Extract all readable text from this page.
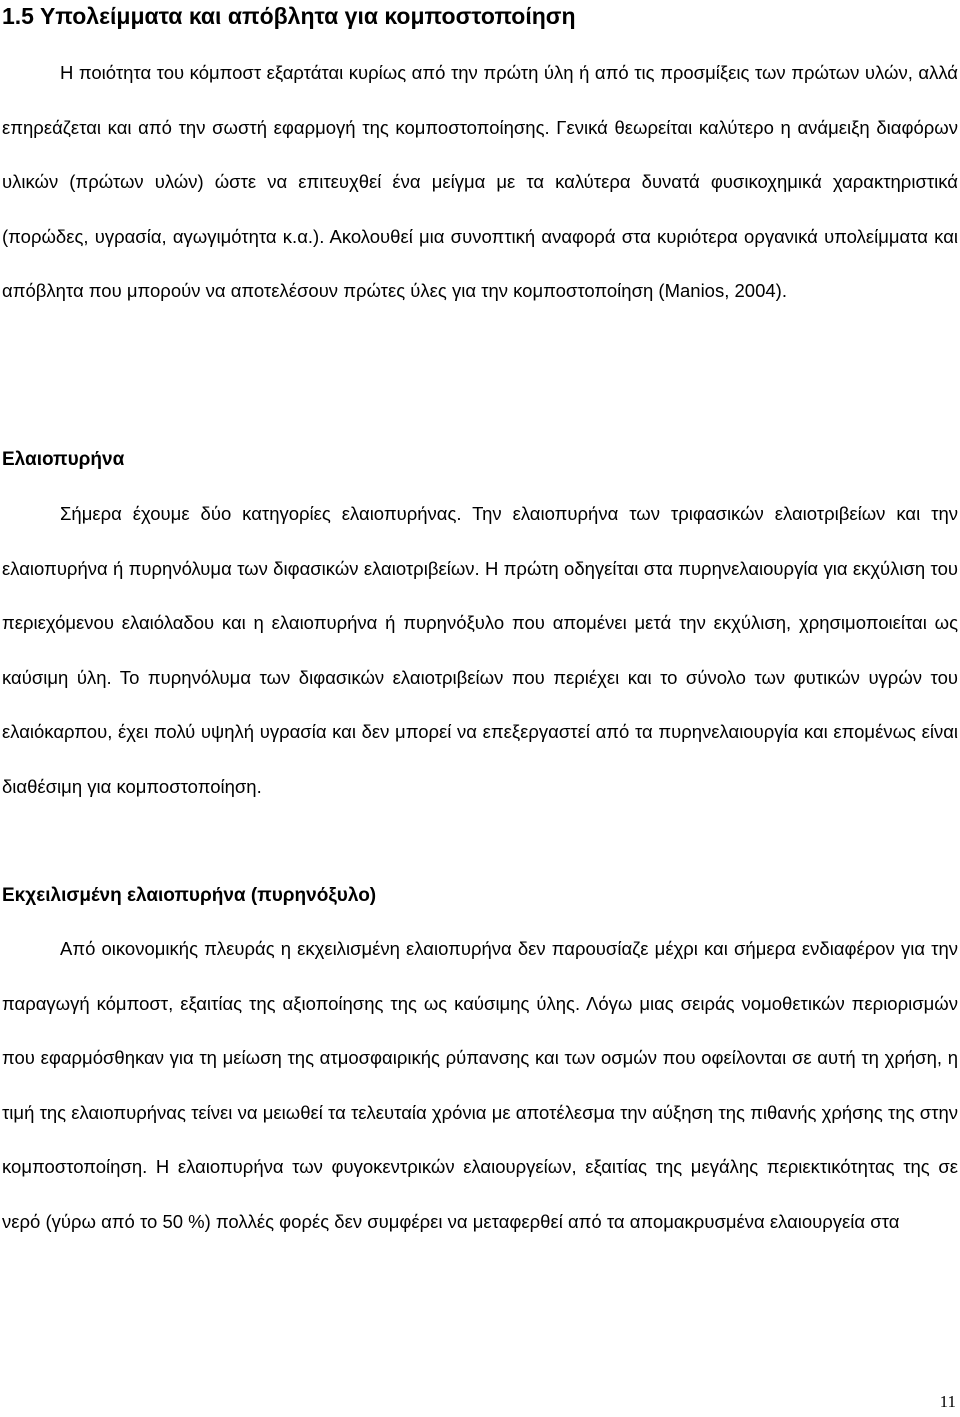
1.5 Υπολείμματα και απόβλητα για κομποστοποίηση

Η ποιότητα του κόμποστ εξαρτάται κυρίως από την πρώτη ύλη ή από τις προσμίξεις των πρώτων υλών, αλλά επηρεάζεται και από την σωστή εφαρμογή της κομποστοποίησης. Γενικά θεωρείται καλύτερο η ανάμειξη διαφόρων υλικών (πρώτων υλών) ώστε να επιτευχθεί ένα μείγμα με τα καλύτερα δυνατά φυσικοχημικά χαρακτηριστικά (πορώδες, υγρασία, αγωγιμότητα κ.α.). Ακολουθεί μια συνοπτική αναφορά στα κυριότερα οργανικά υπολείμματα και απόβλητα που μπορούν να αποτελέσουν πρώτες ύλες για την κομποστοποίηση (Manios, 2004).

Ελαιοπυρήνα

Σήμερα έχουμε δύο κατηγορίες ελαιοπυρήνας. Την ελαιοπυρήνα των τριφασικών ελαιοτριβείων και την ελαιοπυρήνα ή πυρηνόλυμα των διφασικών ελαιοτριβείων. Η πρώτη οδηγείται στα πυρηνελαιουργία για εκχύλιση του περιεχόμενου ελαιόλαδου και η ελαιοπυρήνα ή πυρηνόξυλο που απομένει μετά την εκχύλιση, χρησιμοποιείται ως καύσιμη ύλη. Το πυρηνόλυμα των διφασικών ελαιοτριβείων που περιέχει και το σύνολο των φυτικών υγρών του ελαιόκαρπου, έχει πολύ υψηλή υγρασία και δεν μπορεί να επεξεργαστεί από τα πυρηνελαιουργία και επομένως είναι διαθέσιμη για κομποστοποίηση.

Εκχειλισμένη ελαιοπυρήνα (πυρηνόξυλο)

Από οικονομικής πλευράς η εκχειλισμένη ελαιοπυρήνα δεν παρουσίαζε μέχρι και σήμερα ενδιαφέρον για την παραγωγή κόμποστ, εξαιτίας της αξιοποίησης της ως καύσιμης ύλης. Λόγω μιας σειράς νομοθετικών περιορισμών που εφαρμόσθηκαν για τη μείωση της ατμοσφαιρικής ρύπανσης και των οσμών που οφείλονται σε αυτή τη χρήση, η τιμή της ελαιοπυρήνας τείνει να μειωθεί τα τελευταία χρόνια με αποτέλεσμα την αύξηση της πιθανής χρήσης της στην κομποστοποίηση. Η ελαιοπυρήνα των φυγοκεντρικών ελαιουργείων, εξαιτίας της μεγάλης περιεκτικότητας της σε νερό (γύρω από το 50 %) πολλές φορές δεν συμφέρει να μεταφερθεί από τα απομακρυσμένα ελαιουργεία στα

11
